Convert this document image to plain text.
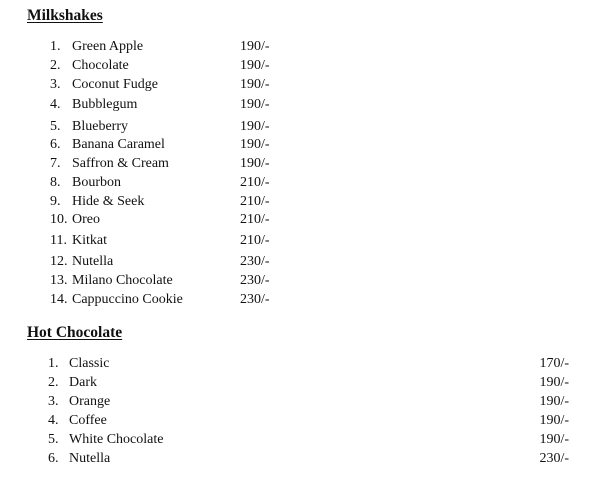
Milkshakes
1. Green Apple	190/-
2. Chocolate	190/-
3. Coconut Fudge	190/-
4. Bubblegum	190/-
5. Blueberry	190/-
6. Banana Caramel	190/-
7. Saffron & Cream	190/-
8. Bourbon	210/-
9. Hide & Seek	210/-
10. Oreo	210/-
11. Kitkat	210/-
12. Nutella	230/-
13. Milano Chocolate	230/-
14. Cappuccino Cookie	230/-
Hot Chocolate
1. Classic	170/-
2. Dark	190/-
3. Orange	190/-
4. Coffee	190/-
5. White Chocolate	190/-
6. Nutella	230/-
